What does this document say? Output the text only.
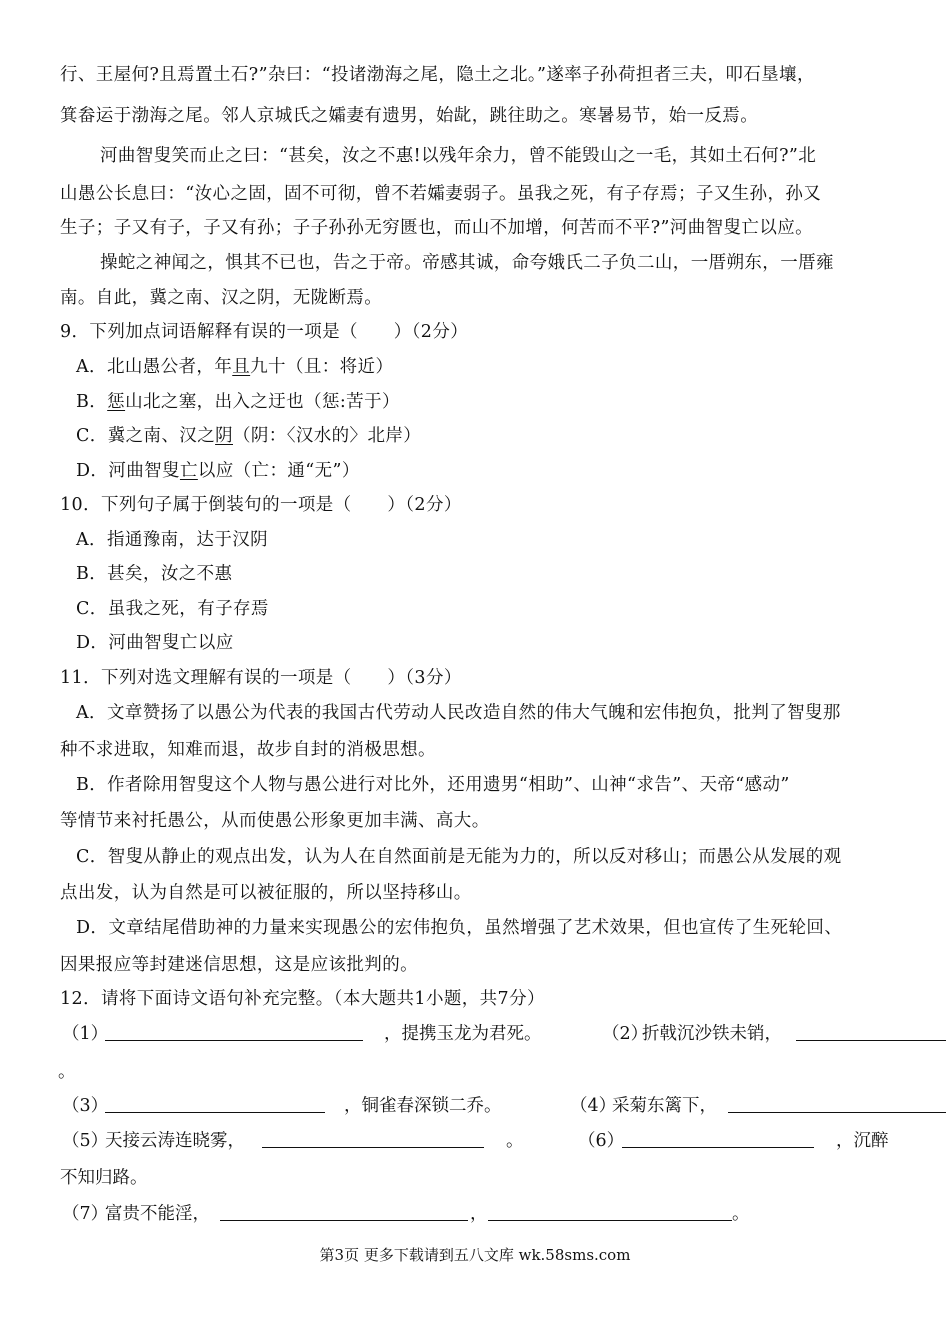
行、王屋何?且焉置土石?”杂曰：“投诸渤海之尾，隐土之北。”遂率子孙荷担者三夫，叩石垦壤，
箕畚运于渤海之尾。邻人京城氏之孀妻有遗男，始龀，跳往助之。寒暑易节，始一反焉。
河曲智叟笑而止之曰：“甚矣，汝之不惠!以残年余力，曾不能毁山之一毛，其如土石何?”北
山愚公长息曰：“汝心之固，固不可彻，曾不若孀妻弱子。虽我之死，有子存焉；子又生孙，孙又
生子；子又有子，子又有孙；子子孙孙无穷匮也，而山不加增，何苦而不平?”河曲智叟亡以应。
操蛇之神闻之，惧其不已也，告之于帝。帝感其诚，命夸娥氏二子负二山，一厝朔东，一厝雍
南。自此，冀之南、汉之阴，无陇断焉。
9．下列加点词语解释有误的一项是（　　）（2分）
A．北山愚公者，年且九十（且：将近）
B．惩山北之塞，出入之迂也（惩:苦于）
C．冀之南、汉之阴（阴：〈汉水的〉北岸）
D．河曲智叟亡以应（亡：通“无”）
10．下列句子属于倒装句的一项是（　　）（2分）
A．指通豫南，达于汉阴
B．甚矣，汝之不惠
C．虽我之死，有子存焉
D．河曲智叟亡以应
11．下列对选文理解有误的一项是（　　）（3分）
A．文章赞扬了以愚公为代表的我国古代劳动人民改造自然的伟大气魄和宏伟抱负，批判了智叟那
种不求进取，知难而退，故步自封的消极思想。
B．作者除用智叟这个人物与愚公进行对比外，还用遗男“相助”、山神“求告”、天帝“感动”
等情节来衬托愚公，从而使愚公形象更加丰满、高大。
C．智叟从静止的观点出发，认为人在自然面前是无能为力的，所以反对移山；而愚公从发展的观
点出发，认为自然是可以被征服的，所以坚持移山。
D．文章结尾借助神的力量来实现愚公的宏伟抱负，虽然增强了艺术效果，但也宣传了生死轮回、
因果报应等封建迷信思想，这是应该批判的。
12．请将下面诗文语句补充完整。（本大题共1小题，共7分）
（1）	，提携玉龙为君死。	（2）
折戟沉沙铁未销，
。
（3）	，铜雀春深锁二乔。	（4）
采菊东篱下，
（5）
天接云涛连晓雾，	。	（6）	，沉醉
不知归路。
（7）
富贵不能淫，	，	。
第3页 更多下载请到五八文库 wk.58sms.com
